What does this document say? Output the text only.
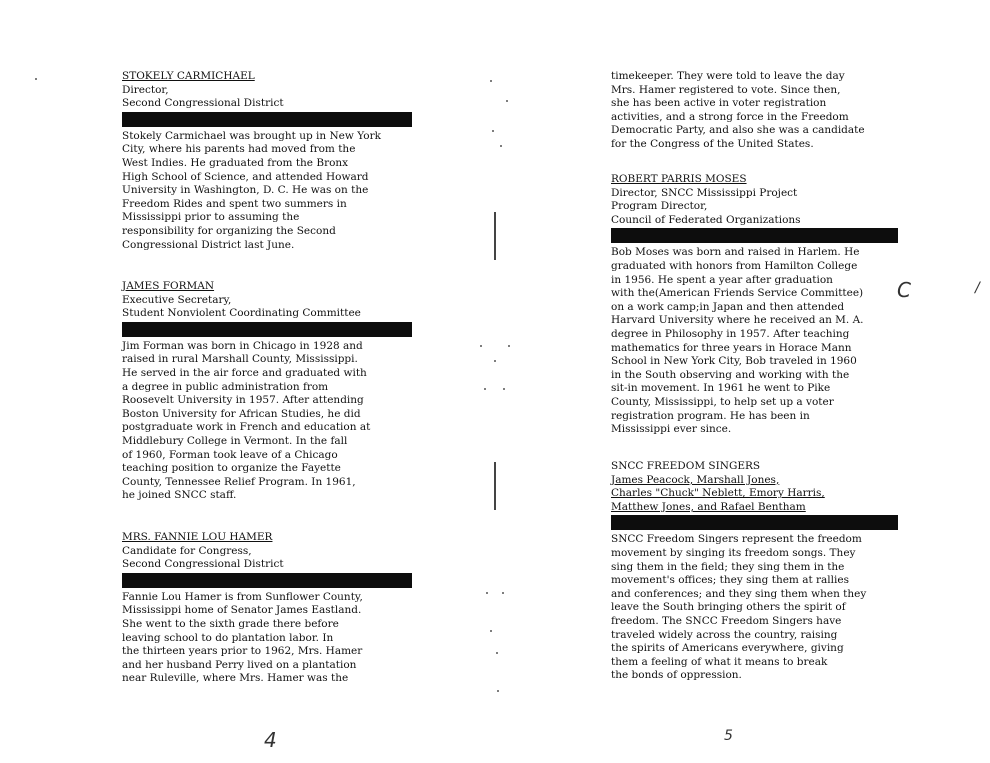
STOKELY CARMICHAEL
Director,
Second Congressional District
Stokely Carmichael was brought up in New York
City, where his parents had moved from the
West Indies. He graduated from the Bronx
High School of Science, and attended Howard
University in Washington, D. C. He was on the
Freedom Rides and spent two summers in
Mississippi prior to assuming the
responsibility for organizing the Second
Congressional District last June.
JAMES FORMAN
Executive Secretary,
Student Nonviolent Coordinating Committee
Jim Forman was born in Chicago in 1928 and
raised in rural Marshall County, Mississippi.
He served in the air force and graduated with
a degree in public administration from
Roosevelt University in 1957. After attending
Boston University for African Studies, he did
postgraduate work in French and education at
Middlebury College in Vermont. In the fall
of 1960, Forman took leave of a Chicago
teaching position to organize the Fayette
County, Tennessee Relief Program. In 1961,
he joined SNCC staff.
MRS. FANNIE LOU HAMER
Candidate for Congress,
Second Congressional District
Fannie Lou Hamer is from Sunflower County,
Mississippi home of Senator James Eastland.
She went to the sixth grade there before
leaving school to do plantation labor. In
the thirteen years prior to 1962, Mrs. Hamer
and her husband Perry lived on a plantation
near Ruleville, where Mrs. Hamer was the
timekeeper. They were told to leave the day
Mrs. Hamer registered to vote. Since then,
she has been active in voter registration
activities, and a strong force in the Freedom
Democratic Party, and also she was a candidate
for the Congress of the United States.
ROBERT PARRIS MOSES
Director, SNCC Mississippi Project
Program Director,
Council of Federated Organizations
Bob Moses was born and raised in Harlem. He
graduated with honors from Hamilton College
in 1956. He spent a year after graduation
with the(American Friends Service Committee)
on a work camp;in Japan and then attended
Harvard University where he received an M. A.
degree in Philosophy in 1957. After teaching
mathematics for three years in Horace Mann
School in New York City, Bob traveled in 1960
in the South observing and working with the
sit-in movement. In 1961 he went to Pike
County, Mississippi, to help set up a voter
registration program. He has been in
Mississippi ever since.
SNCC FREEDOM SINGERS
James Peacock, Marshall Jones,
Charles "Chuck" Neblett, Emory Harris,
Matthew Jones, and Rafael Bentham
SNCC Freedom Singers represent the freedom
movement by singing its freedom songs. They
sing them in the field; they sing them in the
movement's offices; they sing them at rallies
and conferences; and they sing them when they
leave the South bringing others the spirit of
freedom. The SNCC Freedom Singers have
traveled widely across the country, raising
the spirits of Americans everywhere, giving
them a feeling of what it means to break
the bonds of oppression.
C	/
4	5
